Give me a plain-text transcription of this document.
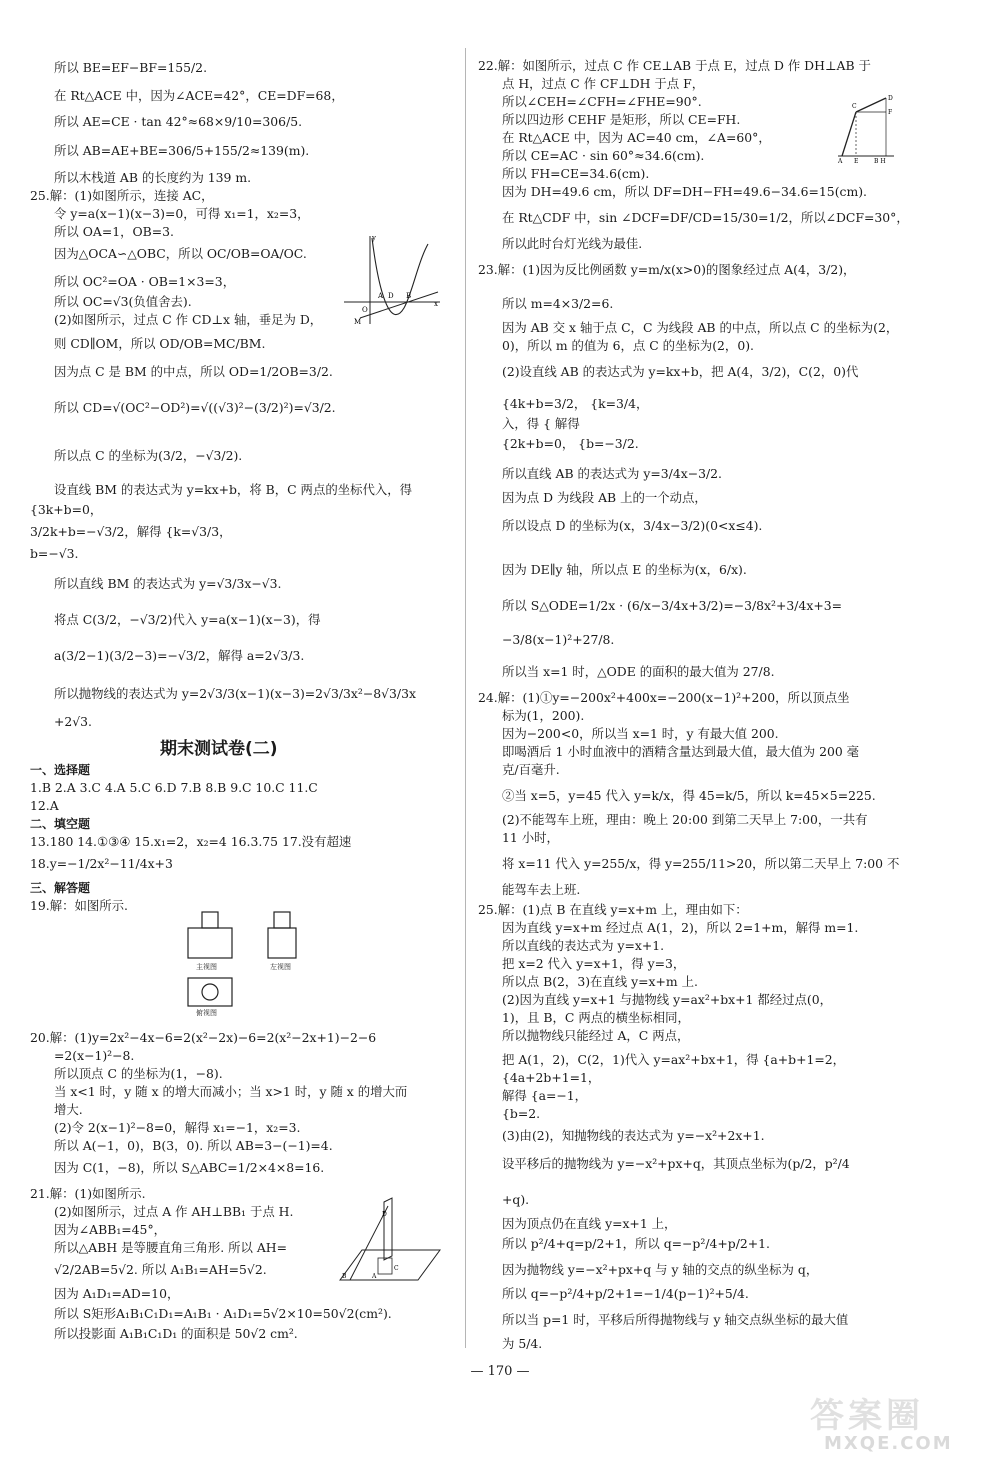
所以 BE=EF−BF=155/2.
在 Rt△ACE 中，因为∠ACE=42°，CE=DF=68，
所以 AE=CE · tan 42°≈68×9/10=306/5.
所以 AB=AE+BE=306/5+155/2≈139(m).
所以木栈道 AB 的长度约为 139 m.
25.解：(1)如图所示，连接 AC，
令 y=a(x−1)(x−3)=0，可得 x₁=1，x₂=3，
所以 OA=1，OB=3.
因为△OCA∽△OBC，所以 OC/OB=OA/OC.
所以 OC²=OA · OB=1×3=3，
所以 OC=√3(负值舍去).
(2)如图所示，过点 C 作 CD⊥x 轴，垂足为 D，
则 CD∥OM，所以 OD/OB=MC/BM.
因为点 C 是 BM 的中点，所以 OD=1/2OB=3/2.
所以 CD=√(OC²−OD²)=√((√3)²−(3/2)²)=√3/2.
所以点 C 的坐标为(3/2，−√3/2).
设直线 BM 的表达式为 y=kx+b，将 B，C 两点的坐标代入，得
{3k+b=0，
3/2k+b=−√3/2，解得 {k=√3/3，
b=−√3.
所以直线 BM 的表达式为 y=√3/3x−√3.
将点 C(3/2，−√3/2)代入 y=a(x−1)(x−3)，得
a(3/2−1)(3/2−3)=−√3/2，解得 a=2√3/3.
所以抛物线的表达式为 y=2√3/3(x−1)(x−3)=2√3/3x²−8√3/3x
+2√3.
一、选择题
1.B 2.A 3.C 4.A 5.C 6.D 7.B 8.B 9.C 10.C 11.C
12.A
二、填空题
13.180 14.①③④ 15.x₁=2，x₂=4 16.3.75 17.没有超速
18.y=−1/2x²−11/4x+3
三、解答题
19.解：如图所示.
20.解：(1)y=2x²−4x−6=2(x²−2x)−6=2(x²−2x+1)−2−6
=2(x−1)²−8.
所以顶点 C 的坐标为(1，−8).
当 x<1 时，y 随 x 的增大而减小；当 x>1 时，y 随 x 的增大而
增大.
(2)令 2(x−1)²−8=0，解得 x₁=−1，x₂=3.
所以 A(−1，0)，B(3，0). 所以 AB=3−(−1)=4.
因为 C(1，−8)，所以 S△ABC=1/2×4×8=16.
21.解：(1)如图所示.
(2)如图所示，过点 A 作 AH⊥BB₁ 于点 H.
因为∠ABB₁=45°，
所以△ABH 是等腰直角三角形. 所以 AH=
√2/2AB=5√2. 所以 A₁B₁=AH=5√2.
因为 A₁D₁=AD=10，
所以 S矩形A₁B₁C₁D₁=A₁B₁ · A₁D₁=5√2×10=50√2(cm²).
所以投影面 A₁B₁C₁D₁ 的面积是 50√2 cm².
22.解：如图所示，过点 C 作 CE⊥AB 于点 E，过点 D 作 DH⊥AB 于
点 H，过点 C 作 CF⊥DH 于点 F，
所以∠CEH=∠CFH=∠FHE=90°.
所以四边形 CEHF 是矩形，所以 CE=FH.
在 Rt△ACE 中，因为 AC=40 cm，∠A=60°，
所以 CE=AC · sin 60°≈34.6(cm).
所以 FH=CE=34.6(cm).
因为 DH=49.6 cm，所以 DF=DH−FH=49.6−34.6=15(cm).
在 Rt△CDF 中，sin ∠DCF=DF/CD=15/30=1/2，所以∠DCF=30°，
所以此时台灯光线为最佳.
23.解：(1)因为反比例函数 y=m/x(x>0)的图象经过点 A(4，3/2)，
所以 m=4×3/2=6.
因为 AB 交 x 轴于点 C，C 为线段 AB 的中点，所以点 C 的坐标为(2，
0)，所以 m 的值为 6，点 C 的坐标为(2，0).
(2)设直线 AB 的表达式为 y=kx+b，把 A(4，3/2)，C(2，0)代
{4k+b=3/2， {k=3/4，
入，得 { 解得
{2k+b=0， {b=−3/2.
所以直线 AB 的表达式为 y=3/4x−3/2.
因为点 D 为线段 AB 上的一个动点，
所以设点 D 的坐标为(x，3/4x−3/2)(0<x≤4).
因为 DE∥y 轴，所以点 E 的坐标为(x，6/x).
所以 S△ODE=1/2x · (6/x−3/4x+3/2)=−3/8x²+3/4x+3=
−3/8(x−1)²+27/8.
所以当 x=1 时，△ODE 的面积的最大值为 27/8.
24.解：(1)①y=−200x²+400x=−200(x−1)²+200，所以顶点坐
标为(1，200).
因为−200<0，所以当 x=1 时，y 有最大值 200.
即喝酒后 1 小时血液中的酒精含量达到最大值，最大值为 200 毫
克/百毫升.
②当 x=5，y=45 代入 y=k/x，得 45=k/5，所以 k=45×5=225.
(2)不能驾车上班，理由：晚上 20:00 到第二天早上 7:00，一共有
11 小时，
将 x=11 代入 y=255/x，得 y=255/11>20，所以第二天早上 7:00 不
能驾车去上班.
25.解：(1)点 B 在直线 y=x+m 上，理由如下：
因为直线 y=x+m 经过点 A(1，2)，所以 2=1+m，解得 m=1.
所以直线的表达式为 y=x+1.
把 x=2 代入 y=x+1，得 y=3，
所以点 B(2，3)在直线 y=x+m 上.
(2)因为直线 y=x+1 与抛物线 y=ax²+bx+1 都经过点(0，
1)，且 B，C 两点的横坐标相同，
所以抛物线只能经过 A，C 两点，
把 A(1，2)，C(2，1)代入 y=ax²+bx+1，得 {a+b+1=2，
{4a+2b+1=1，
解得 {a=−1，
{b=2.
(3)由(2)，知抛物线的表达式为 y=−x²+2x+1.
设平移后的抛物线为 y=−x²+px+q，其顶点坐标为(p/2，p²/4
+q).
因为顶点仍在直线 y=x+1 上，
所以 p²/4+q=p/2+1，所以 q=−p²/4+p/2+1.
因为抛物线 y=−x²+px+q 与 y 轴的交点的纵坐标为 q，
所以 q=−p²/4+p/2+1=−1/4(p−1)²+5/4.
所以当 p=1 时，平移后所得抛物线与 y 轴交点纵坐标的最大值
为 5/4.
期末测试卷(二)
O
A D B
x
y
M
C
D
F
A E	B H
主视图	左视图
俯视图
B	A
D
C
— 170 —
答案圈
MXQE.COM
